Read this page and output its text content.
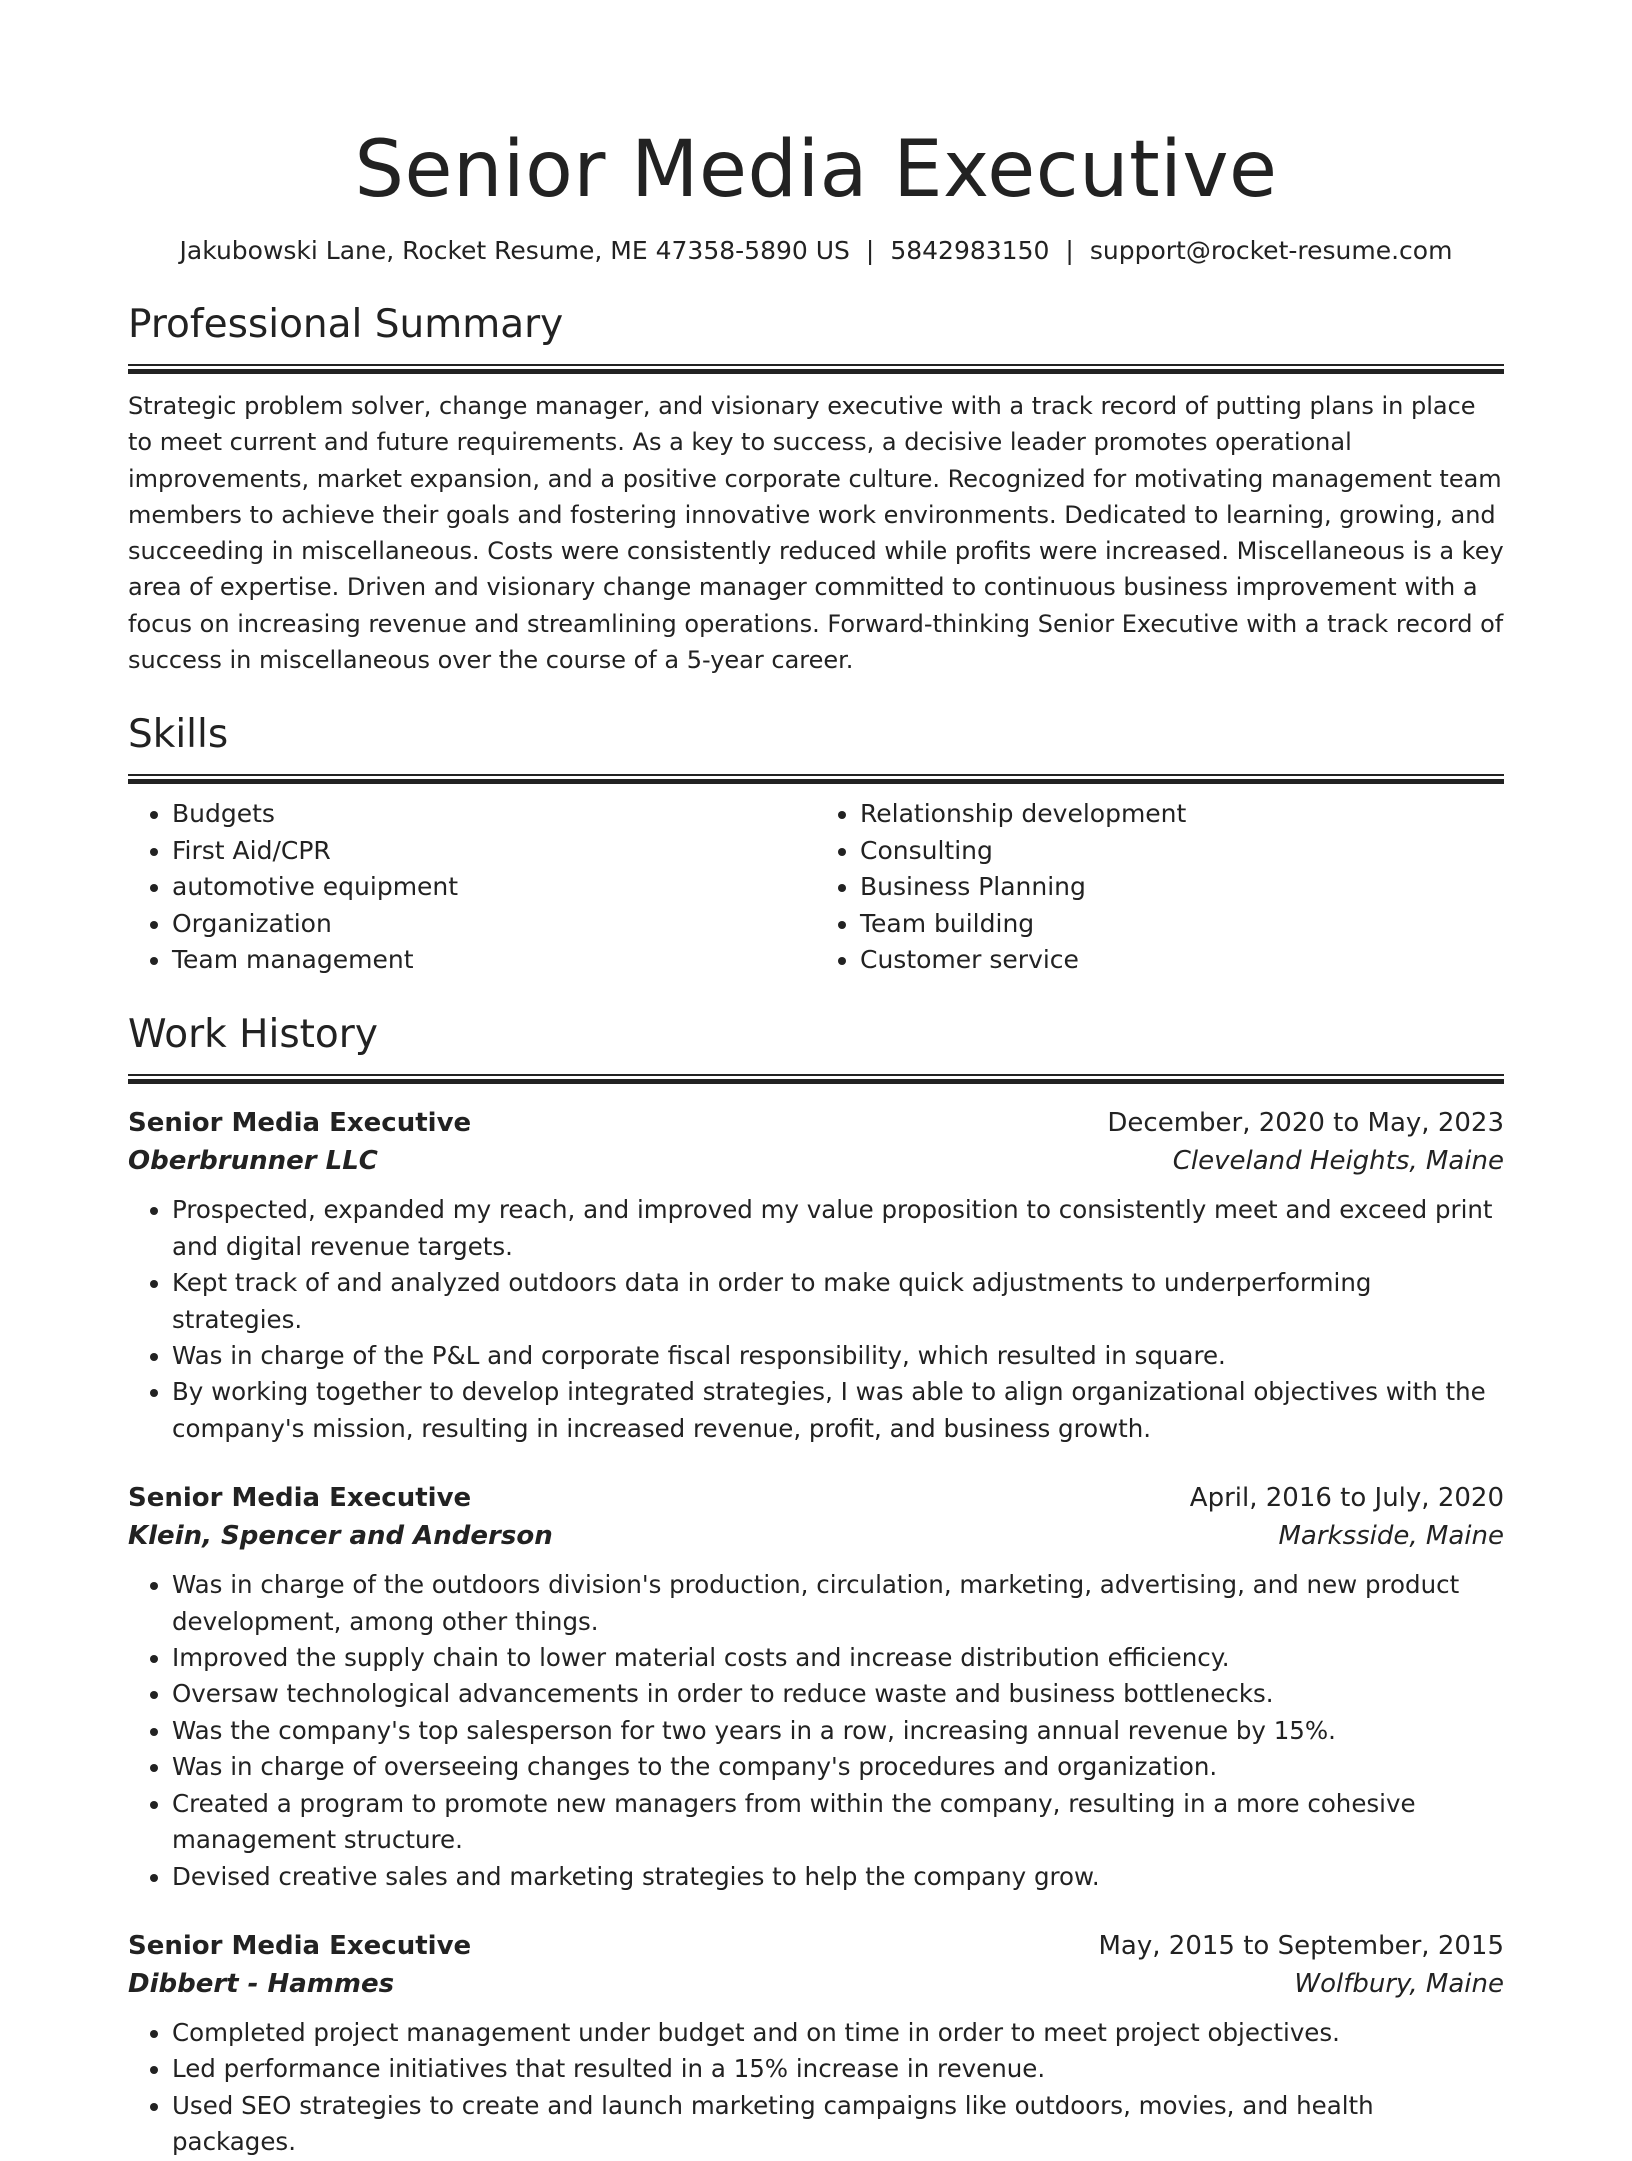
Senior Media Executive
Jakubowski Lane, Rocket Resume, ME 47358-5890 US | 5842983150 | support@rocket-resume.com
Professional Summary

Strategic problem solver, change manager, and visionary executive with a track record of putting plans in place to meet current and future requirements. As a key to success, a decisive leader promotes operational improvements, market expansion, and a positive corporate culture. Recognized for motivating management team members to achieve their goals and fostering innovative work environments. Dedicated to learning, growing, and succeeding in miscellaneous. Costs were consistently reduced while profits were increased. Miscellaneous is a key area of expertise. Driven and visionary change manager committed to continuous business improvement with a focus on increasing revenue and streamlining operations. Forward-thinking Senior Executive with a track record of success in miscellaneous over the course of a 5-year career.

Skills
• Budgets
• First Aid/CPR
• automotive equipment
• Organization
• Team management
• Relationship development
• Consulting
• Business Planning
• Team building
• Customer service
Work History
Senior Media Executive	December, 2020 to May, 2023
Oberbrunner LLC	Cleveland Heights, Maine
• Prospected, expanded my reach, and improved my value proposition to consistently meet and exceed print and digital revenue targets.
• Kept track of and analyzed outdoors data in order to make quick adjustments to underperforming strategies.
• Was in charge of the P&L and corporate fiscal responsibility, which resulted in square.
• By working together to develop integrated strategies, I was able to align organizational objectives with the company's mission, resulting in increased revenue, profit, and business growth.
Senior Media Executive	April, 2016 to July, 2020
Klein, Spencer and Anderson	Marksside, Maine
• Was in charge of the outdoors division's production, circulation, marketing, advertising, and new product development, among other things.
• Improved the supply chain to lower material costs and increase distribution efficiency.
• Oversaw technological advancements in order to reduce waste and business bottlenecks.
• Was the company's top salesperson for two years in a row, increasing annual revenue by 15%.
• Was in charge of overseeing changes to the company's procedures and organization.
• Created a program to promote new managers from within the company, resulting in a more cohesive management structure.
• Devised creative sales and marketing strategies to help the company grow.
Senior Media Executive	May, 2015 to September, 2015
Dibbert - Hammes	Wolfbury, Maine
• Completed project management under budget and on time in order to meet project objectives.
• Led performance initiatives that resulted in a 15% increase in revenue.
• Used SEO strategies to create and launch marketing campaigns like outdoors, movies, and health packages.
